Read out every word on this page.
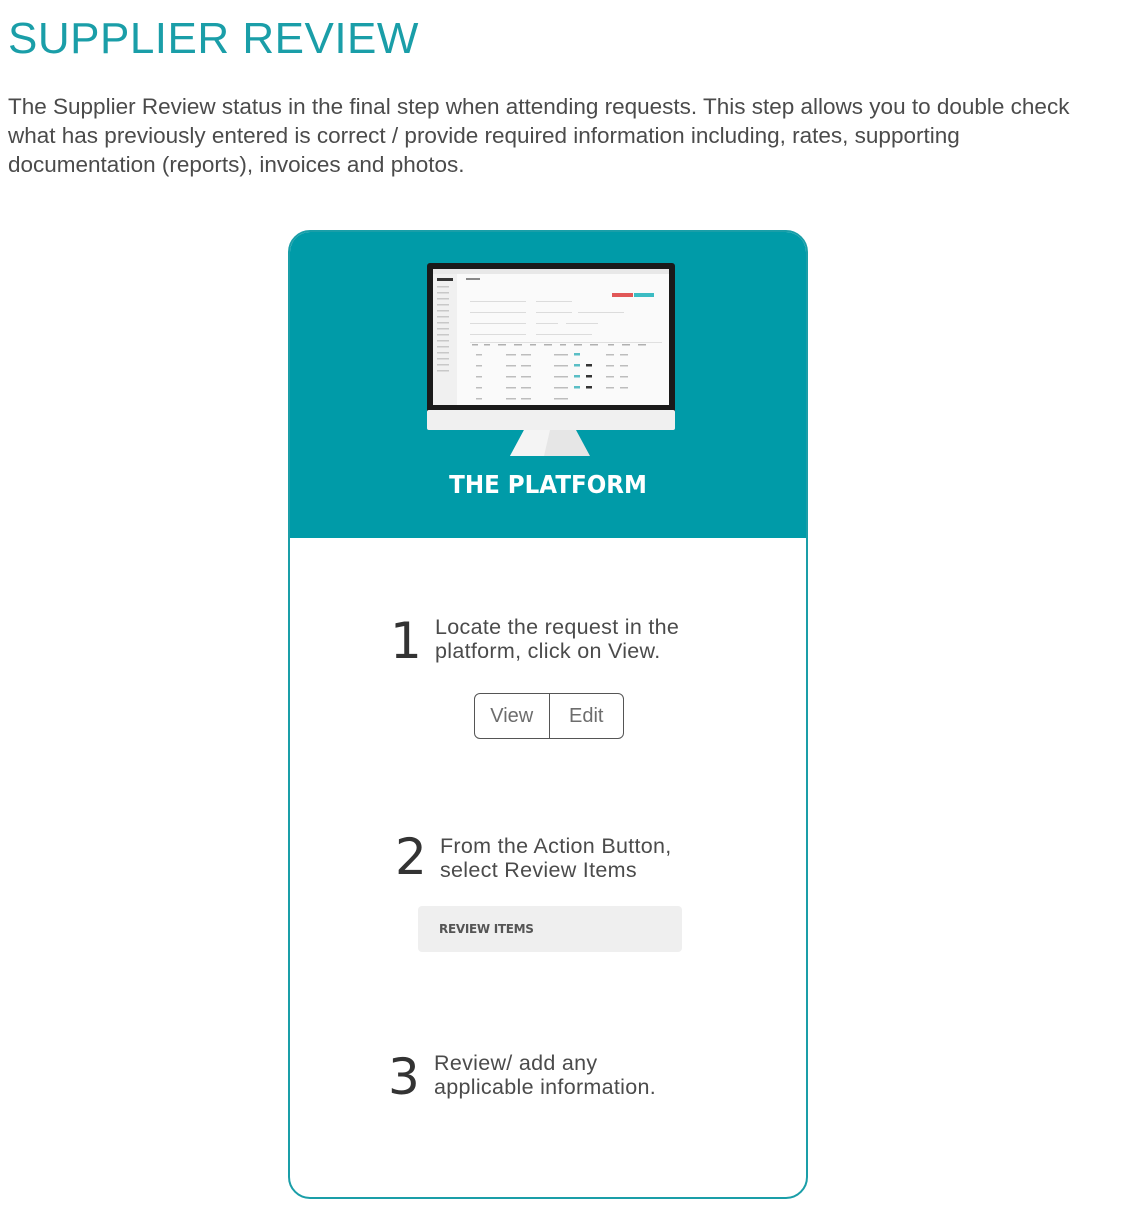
SUPPLIER REVIEW

The Supplier Review status in the final step when attending requests. This step allows you to double check what has previously entered is correct / provide required information including, rates, supporting documentation (reports), invoices and photos.

THE PLATFORM
1 Locate the request in the
platform, click on View.
View	Edit
2 From the Action Button,
select Review Items
REVIEW ITEMS
3 Review/ add any
applicable information.
